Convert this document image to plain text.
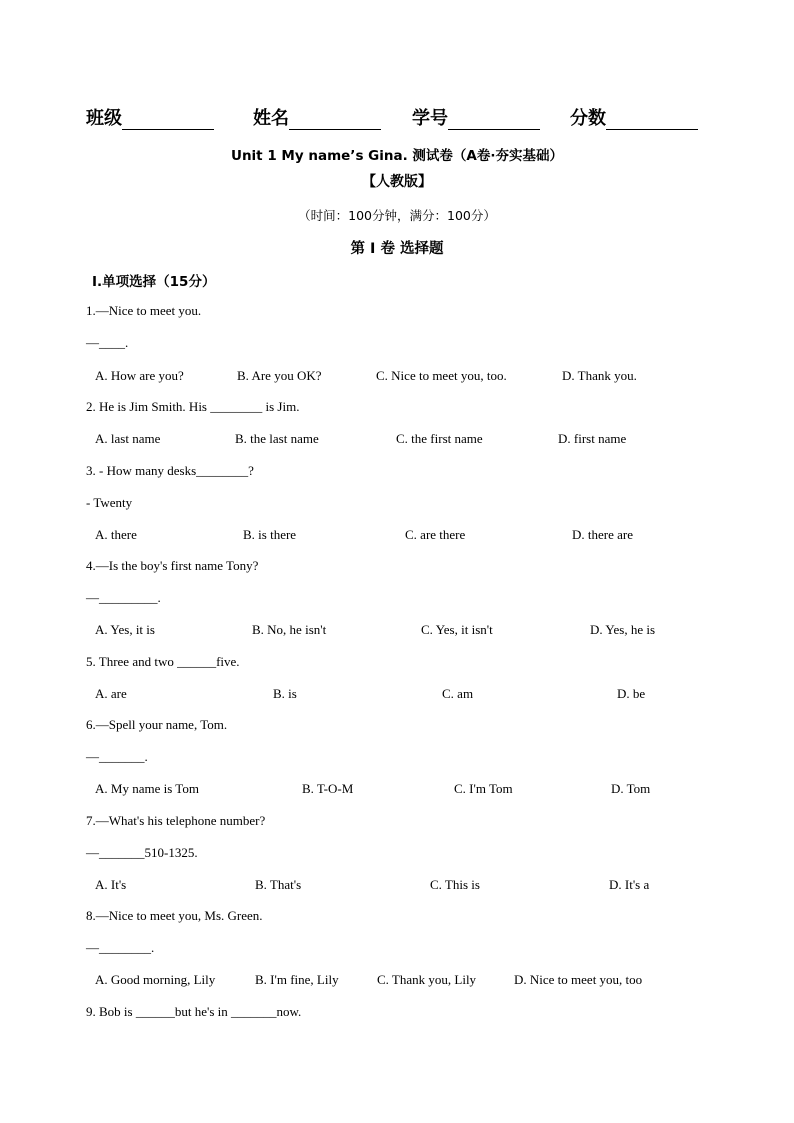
班级	姓名	学号	分数
Unit 1 My name’s Gina. 测试卷（A卷·夯实基础）
【人教版】
（时间：100分钟，满分：100分）
第 I 卷 选择题
I.单项选择（15分）
1.—Nice to meet you.
—____.
A. How are you?	B. Are you OK?	C. Nice to meet you, too.	D. Thank you.
2. He is Jim Smith. His ________ is Jim.
A. last name	B. the last name	C. the first name	D. first name
3. - How many desks________?
- Twenty
A. there	B. is there	C. are there	D. there are
4.—Is the boy's first name Tony?
—_________.
A. Yes, it is	B. No, he isn't	C. Yes, it isn't	D. Yes, he is
5. Three and two ______five.
A. are	B. is	C. am	D. be
6.—Spell your name, Tom.
—_______.
A. My name is Tom	B. T-O-M	C. I'm Tom	D. Tom
7.—What's his telephone number?
—_______510-1325.
A. It's	B. That's	C. This is	D. It's a
8.—Nice to meet you, Ms. Green.
—________.
A. Good morning, Lily	B. I'm fine, Lily	C. Thank you, Lily	D. Nice to meet you, too
9. Bob is ______but he's in _______now.
